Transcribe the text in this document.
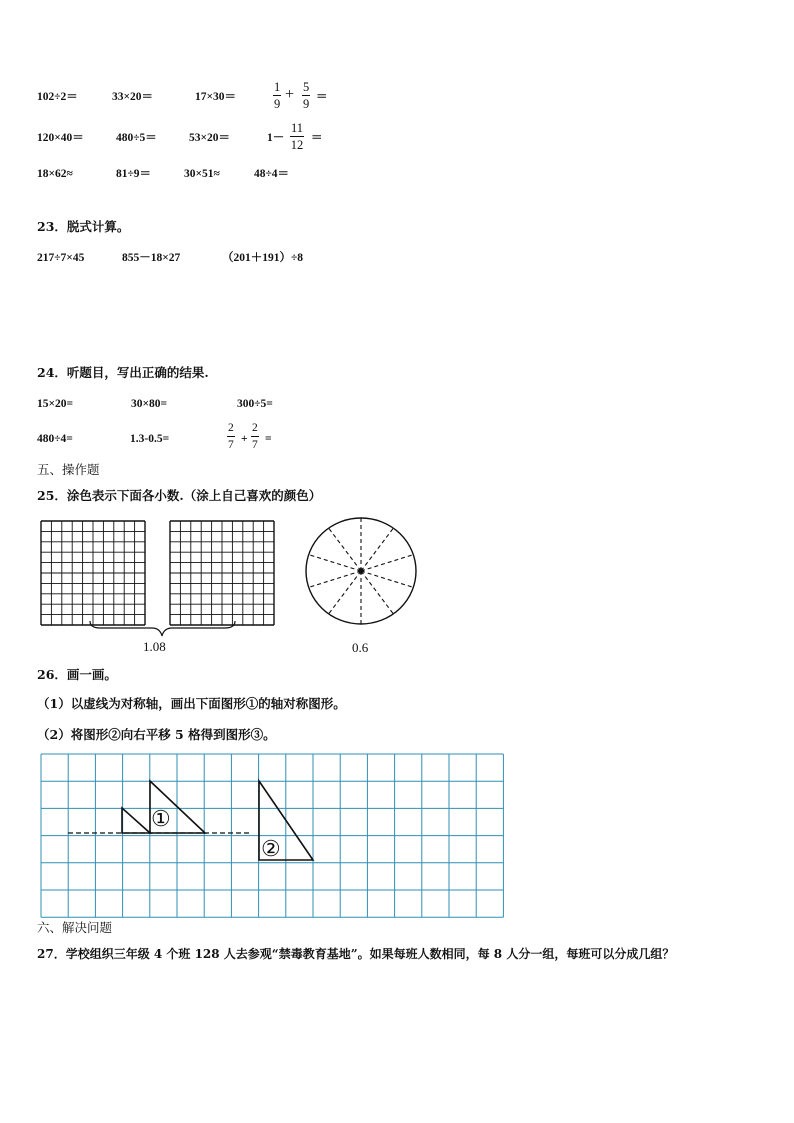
102÷2＝	33×20＝	17×30＝	$\frac{1}{9} + \frac{5}{9}$ ＝
120×40＝	480÷5＝	53×20＝	$1- \frac{11}{12}$ ＝
18×62≈	81÷9＝	30×51≈	48÷4＝
23．脱式计算。
217÷7×45	855－18×27	（201＋191）÷8
24．听题目，写出正确的结果.
15×20=	30×80=	300÷5=
480÷4=	1.3-0.5=	$\frac{2}{7} + \frac{2}{7}$ =
五、操作题
25．涂色表示下面各小数.（涂上自己喜欢的颜色）
1.08	0.6
26．画一画。
（1）以虚线为对称轴，画出下面图形①的轴对称图形。
（2）将图形②向右平移 5 格得到图形③。
①
②
六、解决问题
27．学校组织三年级 4 个班 128 人去参观“禁毒教育基地”。如果每班人数相同，每 8 人分一组，每班可以分成几组？
